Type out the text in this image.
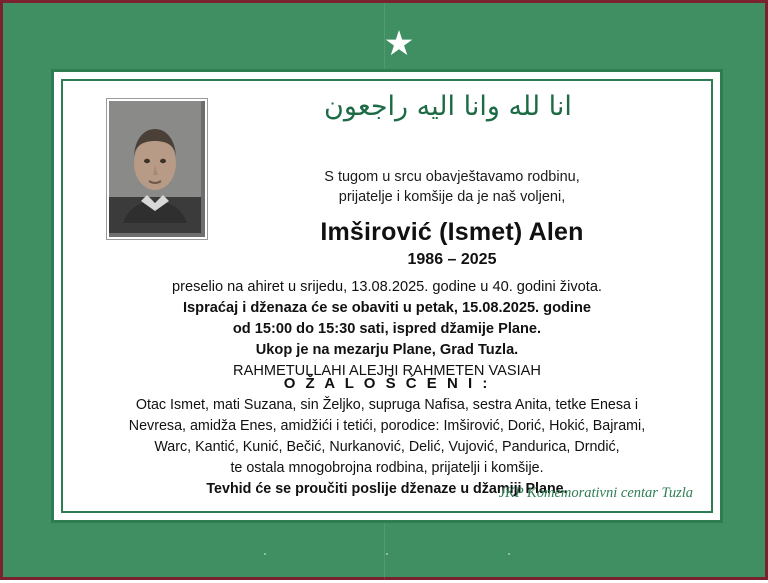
ﺍﻧﺎ ﻟﻠﻪ ﻭﺍﻧﺎ ﺍﻟﻴﻪ ﺭﺍﺟﻌﻮﻥ
S tugom u srcu obavještavamo rodbinu,
prijatelje i komšije da je naš voljeni,
Imširović (Ismet) Alen
1986 – 2025
preselio na ahiret u srijedu, 13.08.2025. godine u 40. godini života.
Ispraćaj i dženaza će se obaviti u petak, 15.08.2025. godine
od 15:00 do 15:30 sati, ispred džamije Plane.
Ukop je na mezarju Plane, Grad Tuzla.
RAHMETULLAHI ALEJHI RAHMETEN VASIAH
O Ž A L O Š Ć E N I :
Otac Ismet, mati Suzana, sin Željko, supruga Nafisa, sestra Anita, tetke Enesa i
Nevresa, amidža Enes, amidžići i tetići, porodice: Imširović, Dorić, Hokić, Bajrami,
Warc, Kantić, Kunić, Bečić, Nurkanović, Delić, Vujović, Pandurica, Drndić,
te ostala mnogobrojna rodbina, prijatelji i komšije.
Tevhid će se proučiti poslije dženaze u džamiji Plane.
JKP Komemorativni centar Tuzla
